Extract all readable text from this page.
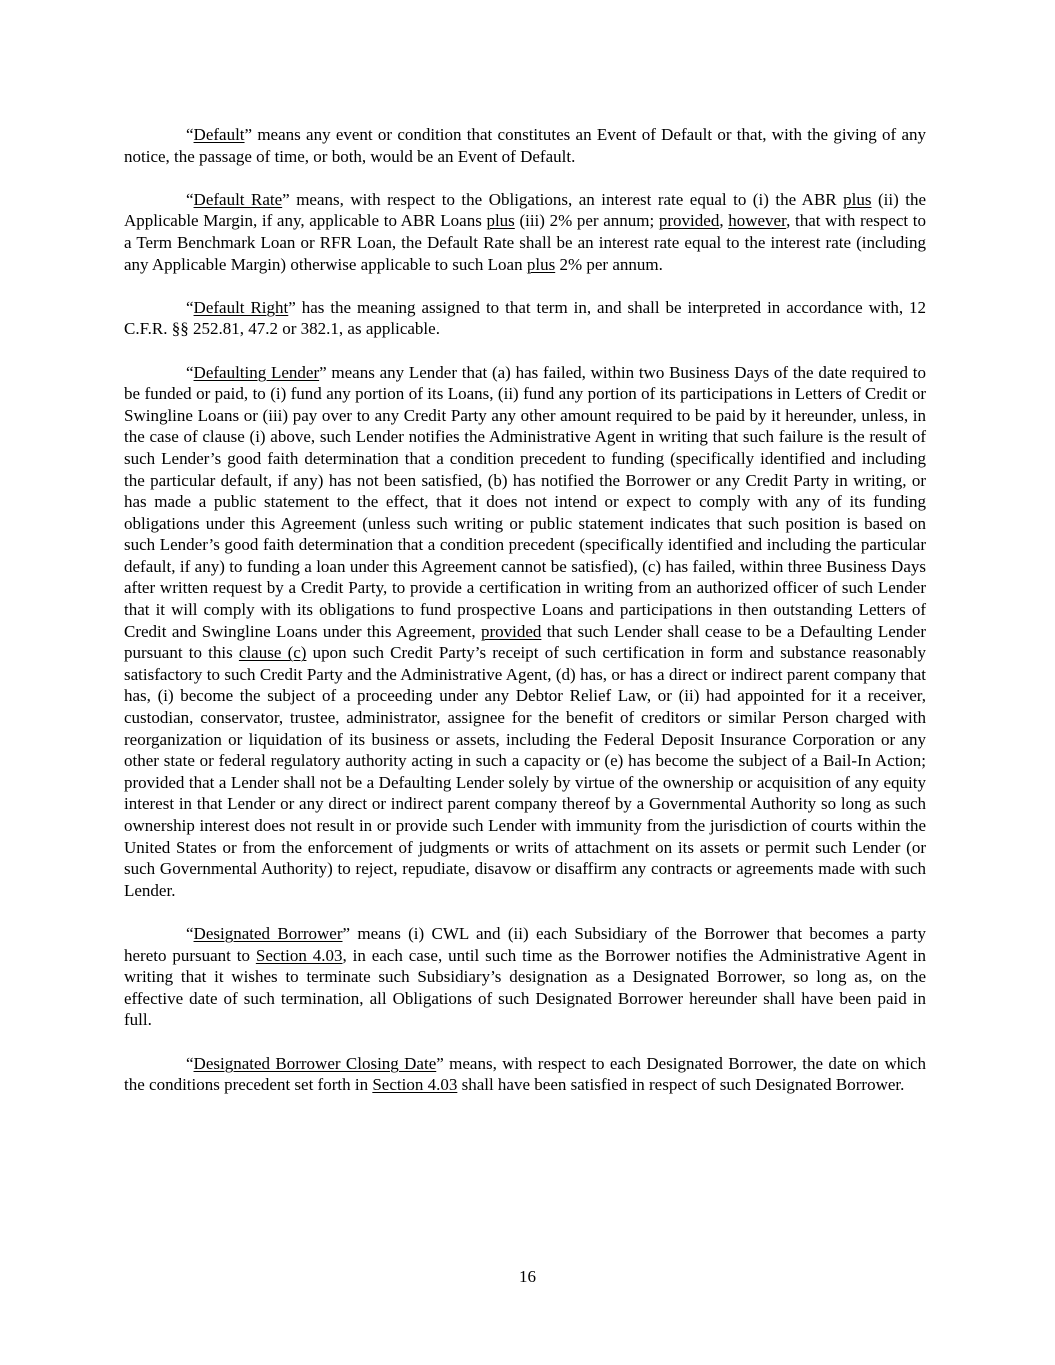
“Default” means any event or condition that constitutes an Event of Default or that, with the giving of any notice, the passage of time, or both, would be an Event of Default.

“Default Rate” means, with respect to the Obligations, an interest rate equal to (i) the ABR plus (ii) the Applicable Margin, if any, applicable to ABR Loans plus (iii) 2% per annum; provided, however, that with respect to a Term Benchmark Loan or RFR Loan, the Default Rate shall be an interest rate equal to the interest rate (including any Applicable Margin) otherwise applicable to such Loan plus 2% per annum.

“Default Right” has the meaning assigned to that term in, and shall be interpreted in accordance with, 12 C.F.R. §§ 252.81, 47.2 or 382.1, as applicable.

“Defaulting Lender” means any Lender that (a) has failed, within two Business Days of the date required to be funded or paid, to (i) fund any portion of its Loans, (ii) fund any portion of its participations in Letters of Credit or Swingline Loans or (iii) pay over to any Credit Party any other amount required to be paid by it hereunder, unless, in the case of clause (i) above, such Lender notifies the Administrative Agent in writing that such failure is the result of such Lender’s good faith determination that a condition precedent to funding (specifically identified and including the particular default, if any) has not been satisfied, (b) has notified the Borrower or any Credit Party in writing, or has made a public statement to the effect, that it does not intend or expect to comply with any of its funding obligations under this Agreement (unless such writing or public statement indicates that such position is based on such Lender’s good faith determination that a condition precedent (specifically identified and including the particular default, if any) to funding a loan under this Agreement cannot be satisfied), (c) has failed, within three Business Days after written request by a Credit Party, to provide a certification in writing from an authorized officer of such Lender that it will comply with its obligations to fund prospective Loans and participations in then outstanding Letters of Credit and Swingline Loans under this Agreement, provided that such Lender shall cease to be a Defaulting Lender pursuant to this clause (c) upon such Credit Party’s receipt of such certification in form and substance reasonably satisfactory to such Credit Party and the Administrative Agent, (d) has, or has a direct or indirect parent company that has, (i) become the subject of a proceeding under any Debtor Relief Law, or (ii) had appointed for it a receiver, custodian, conservator, trustee, administrator, assignee for the benefit of creditors or similar Person charged with reorganization or liquidation of its business or assets, including the Federal Deposit Insurance Corporation or any other state or federal regulatory authority acting in such a capacity or (e) has become the subject of a Bail-In Action; provided that a Lender shall not be a Defaulting Lender solely by virtue of the ownership or acquisition of any equity interest in that Lender or any direct or indirect parent company thereof by a Governmental Authority so long as such ownership interest does not result in or provide such Lender with immunity from the jurisdiction of courts within the United States or from the enforcement of judgments or writs of attachment on its assets or permit such Lender (or such Governmental Authority) to reject, repudiate, disavow or disaffirm any contracts or agreements made with such Lender.

“Designated Borrower” means (i) CWL and (ii) each Subsidiary of the Borrower that becomes a party hereto pursuant to Section 4.03, in each case, until such time as the Borrower notifies the Administrative Agent in writing that it wishes to terminate such Subsidiary’s designation as a Designated Borrower, so long as, on the effective date of such termination, all Obligations of such Designated Borrower hereunder shall have been paid in full.

“Designated Borrower Closing Date” means, with respect to each Designated Borrower, the date on which the conditions precedent set forth in Section 4.03 shall have been satisfied in respect of such Designated Borrower.

16
